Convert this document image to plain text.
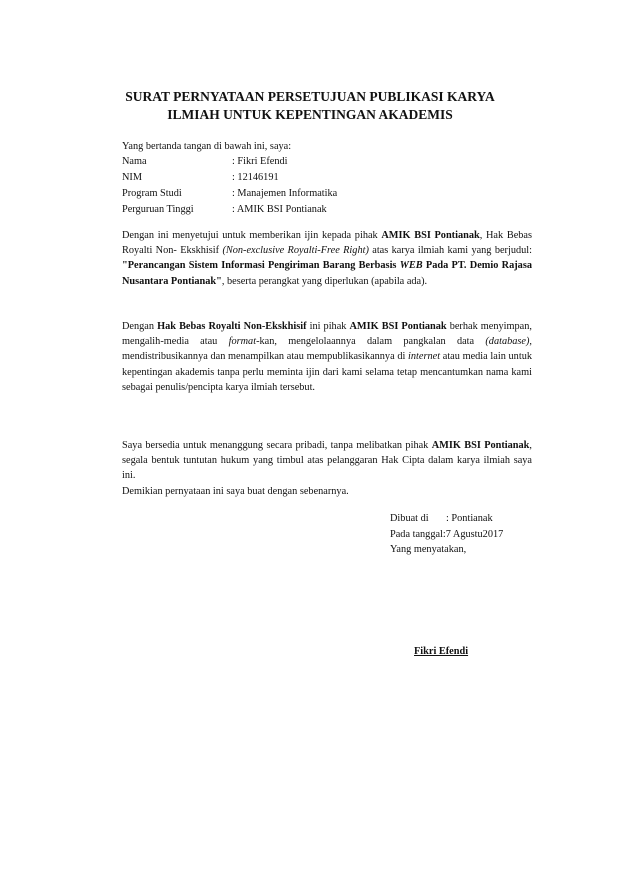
SURAT PERNYATAAN PERSETUJUAN PUBLIKASI KARYA
ILMIAH UNTUK KEPENTINGAN AKADEMIS
Yang bertanda tangan di bawah ini, saya:
Nama	: Fikri Efendi
NIM	: 12146191
Program Studi	: Manajemen Informatika
Perguruan Tinggi	: AMIK BSI Pontianak

Dengan ini menyetujui untuk memberikan ijin kepada pihak AMIK BSI Pontianak, Hak Bebas Royalti Non- Ekskhisif (Non-exclusive Royalti-Free Right) atas karya ilmiah kami yang berjudul: "Perancangan Sistem Informasi Pengiriman Barang Berbasis WEB Pada PT. Demio Rajasa Nusantara Pontianak", beserta perangkat yang diperlukan (apabila ada).

Dengan Hak Bebas Royalti Non-Ekskhisif ini pihak AMIK BSI Pontianak berhak menyimpan, mengalih-media atau format-kan, mengelolaannya dalam pangkalan data (database), mendistribusikannya dan menampilkan atau mempublikasikannya di internet atau media lain untuk kepentingan akademis tanpa perlu meminta ijin dari kami selama tetap mencantumkan nama kami sebagai penulis/pencipta karya ilmiah tersebut.

Saya bersedia untuk menanggung secara pribadi, tanpa melibatkan pihak AMIK BSI Pontianak, segala bentuk tuntutan hukum yang timbul atas pelanggaran Hak Cipta dalam karya ilmiah saya ini.

Demikian pernyataan ini saya buat dengan sebenarnya.

Dibuat di	: Pontianak
Pada tanggal :7 Agustu2017
Yang menyatakan,
Fikri Efendi
